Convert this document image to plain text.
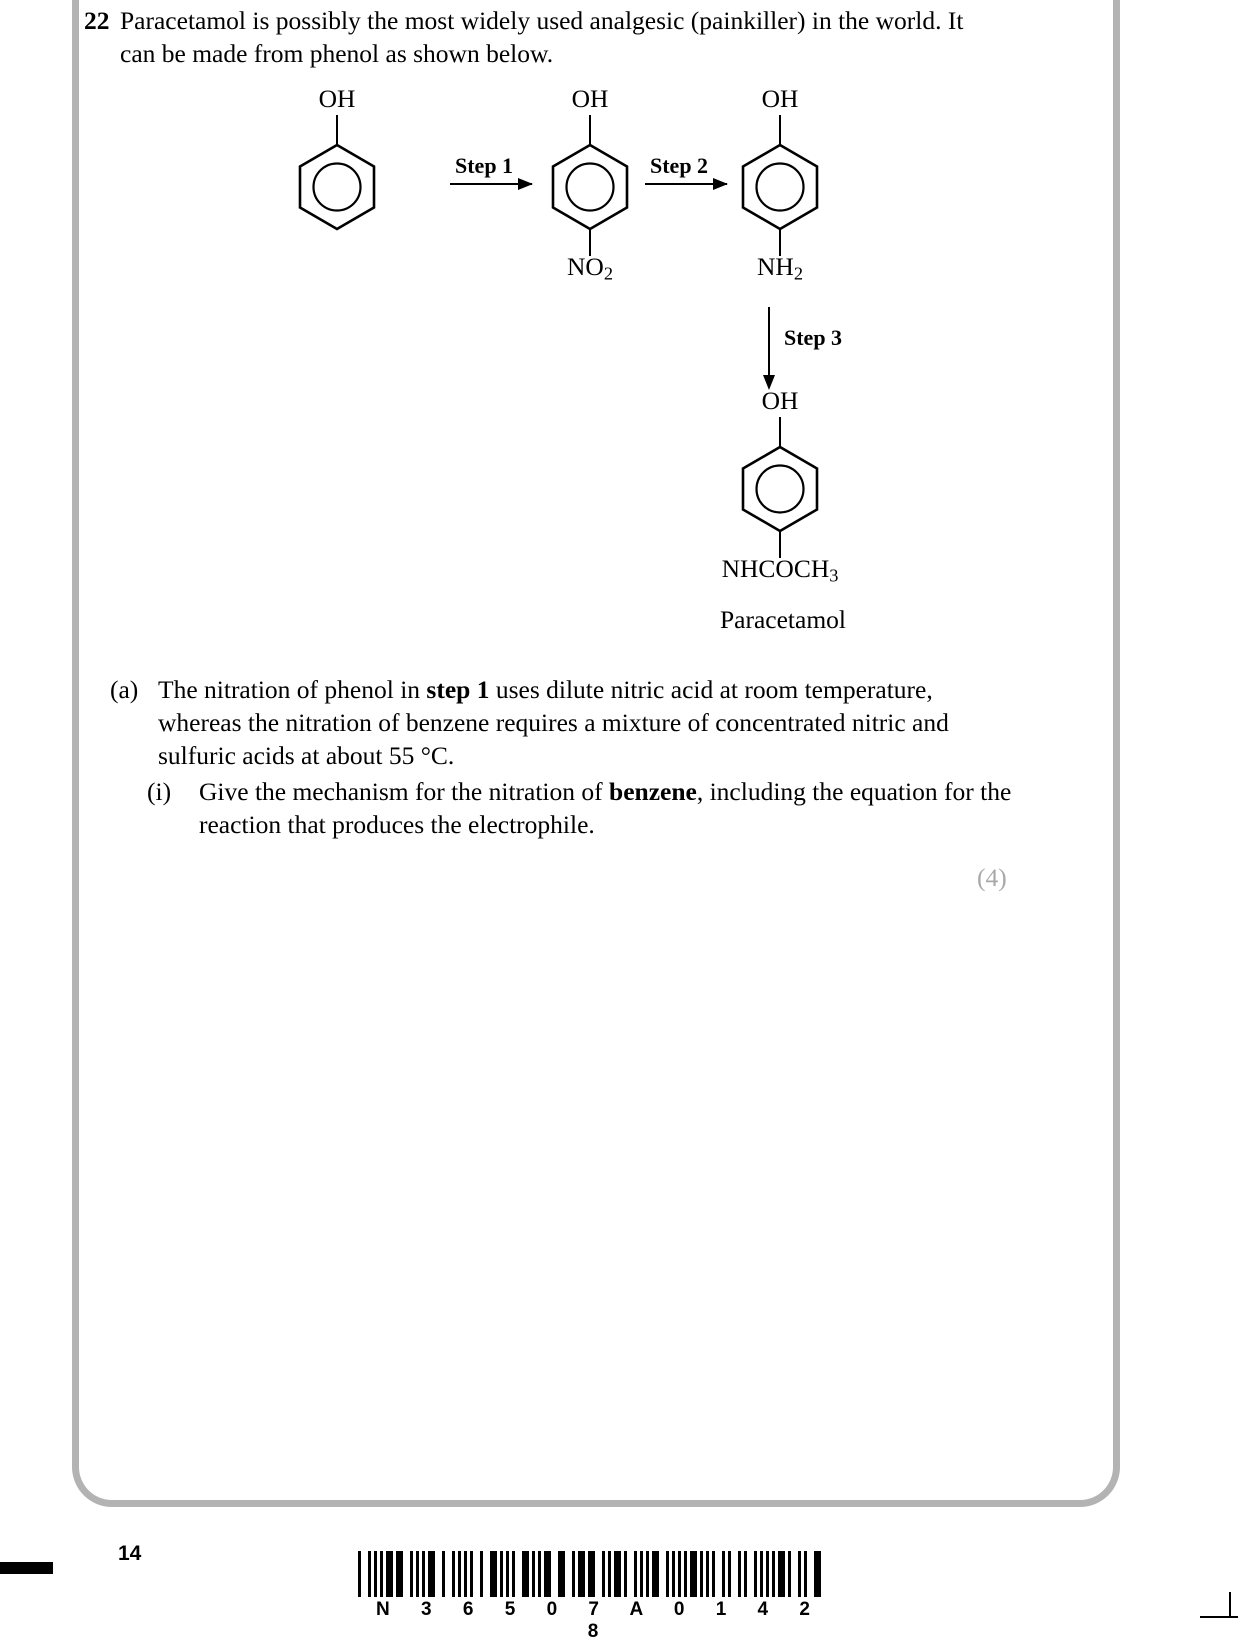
22 Paracetamol is possibly the most widely used analgesic (painkiller) in the world. It can be made from phenol as shown below.
OH
Step 1
OH
$NO_2$
Step 2
OH
$NH_2$
Step 3
OH
$NHCOCH_3$
Paracetamol
(a) The nitration of phenol in step 1 uses dilute nitric acid at room temperature, whereas the nitration of benzene requires a mixture of concentrated nitric and sulfuric acids at about 55 °C.
(i)	Give the mechanism for the nitration of benzene, including the equation for the reaction that produces the electrophile.
(4)
14
N 3 6 5 0 7 A 0 1 4 2 8
